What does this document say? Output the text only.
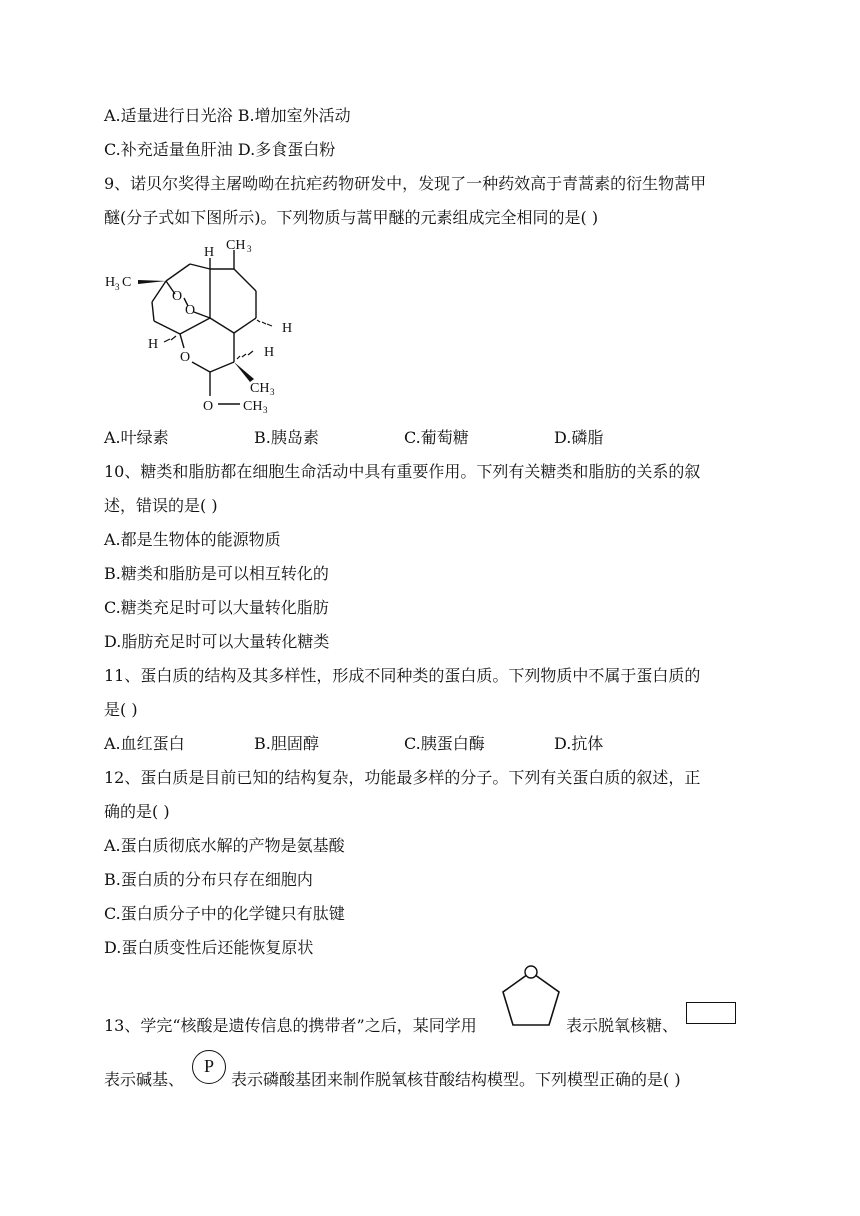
A.适量进行日光浴 B.增加室外活动
C.补充适量鱼肝油 D.多食蛋白粉
9、诺贝尔奖得主屠呦呦在抗疟药物研发中，发现了一种药效高于青蒿素的衍生物蒿甲
醚(分子式如下图所示)。下列物质与蒿甲醚的元素组成完全相同的是( )
H CH 3
H 3 C
O
O
H
H
O	H
CH 3
O CH 3
A.叶绿素	B.胰岛素	C.葡萄糖	D.磷脂
10、糖类和脂肪都在细胞生命活动中具有重要作用。下列有关糖类和脂肪的关系的叙
述，错误的是( )
A.都是生物体的能源物质
B.糖类和脂肪是可以相互转化的
C.糖类充足时可以大量转化脂肪
D.脂肪充足时可以大量转化糖类
11、蛋白质的结构及其多样性，形成不同种类的蛋白质。下列物质中不属于蛋白质的
是( )
A.血红蛋白	B.胆固醇	C.胰蛋白酶	D.抗体
12、蛋白质是目前已知的结构复杂，功能最多样的分子。下列有关蛋白质的叙述，正
确的是( )
A.蛋白质彻底水解的产物是氨基酸
B.蛋白质的分布只存在细胞内
C.蛋白质分子中的化学键只有肽键
D.蛋白质变性后还能恢复原状
13、学完“核酸是遗传信息的携带者”之后，某同学用	表示脱氧核糖、
表示碱基、
P
表示磷酸基团来制作脱氧核苷酸结构模型。下列模型正确的是( )
